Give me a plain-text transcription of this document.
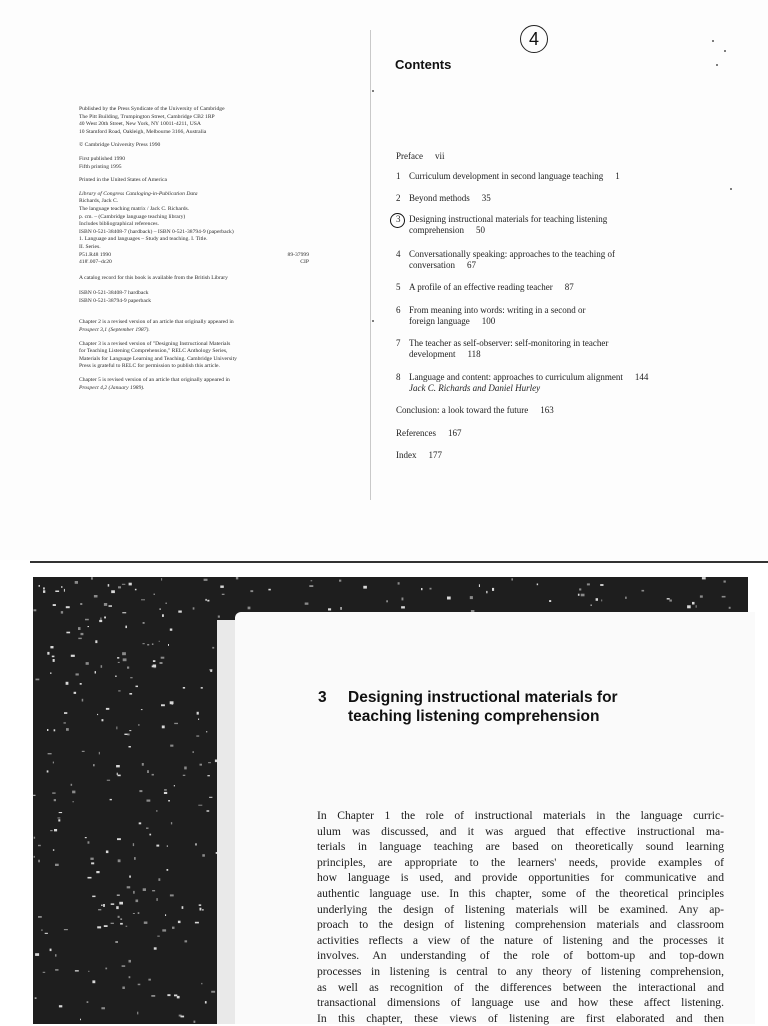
4

Published by the Press Syndicate of the University of Cambridge

The Pitt Building, Trumpington Street, Cambridge CB2 1RP

40 West 20th Street, New York, NY 10011-4211, USA

10 Stamford Road, Oakleigh, Melbourne 3166, Australia

© Cambridge University Press 1990

First published 1990

Fifth printing 1995

Printed in the United States of America

Library of Congress Cataloging-in-Publication Data

Richards, Jack C.

The language teaching matrix / Jack C. Richards.

p. cm. – (Cambridge language teaching library)

Includes bibliographical references.

ISBN 0-521-38408-7 (hardback) – ISBN 0-521-38794-9 (paperback)

1. Language and languages – Study and teaching. I. Title.

II. Series.

P51.R48 1990	89-37999

418'.007–dc20	CIP

A catalog record for this book is available from the British Library

ISBN 0-521-38408-7 hardback

ISBN 0-521-38794-9 paperback

Chapter 2 is a revised version of an article that originally appeared in

Prospect 3,1 (September 1987).

Chapter 3 is a revised version of "Designing Instructional Materials

for Teaching Listening Comprehension," RELC Anthology Series,

Materials for Language Learning and Teaching. Cambridge University

Press is grateful to RELC for permission to publish this article.

Chapter 5 is revised version of an article that originally appeared in

Prospect 4,2 (January 1989).

Contents
Preface vii
1 Curriculum development in second language teaching 1
2 Beyond methods 35
3 Designing instructional materials for teaching listening
comprehension 50
4 Conversationally speaking: approaches to the teaching of
conversation 67
5 A profile of an effective reading teacher 87
6 From meaning into words: writing in a second or
foreign language 100
7 The teacher as self-observer: self-monitoring in teacher
development 118
8 Language and content: approaches to curriculum alignment 144
Jack C. Richards and Daniel Hurley
Conclusion: a look toward the future 163
References 167
Index 177
3	Designing instructional materials for
teaching listening comprehension
In Chapter 1 the role of instructional materials in the language curric-
ulum was discussed, and it was argued that effective instructional ma-
terials in language teaching are based on theoretically sound learning
principles, are appropriate to the learners' needs, provide examples of
how language is used, and provide opportunities for communicative and
authentic language use. In this chapter, some of the theoretical principles
underlying the design of listening materials will be examined. Any ap-
proach to the design of listening comprehension materials and classroom
activities reflects a view of the nature of listening and the processes it
involves. An understanding of the role of bottom-up and top-down
processes in listening is central to any theory of listening comprehension,
as well as recognition of the differences between the interactional and
transactional dimensions of language use and how these affect listening.
In this chapter, these views of listening are first elaborated and then
